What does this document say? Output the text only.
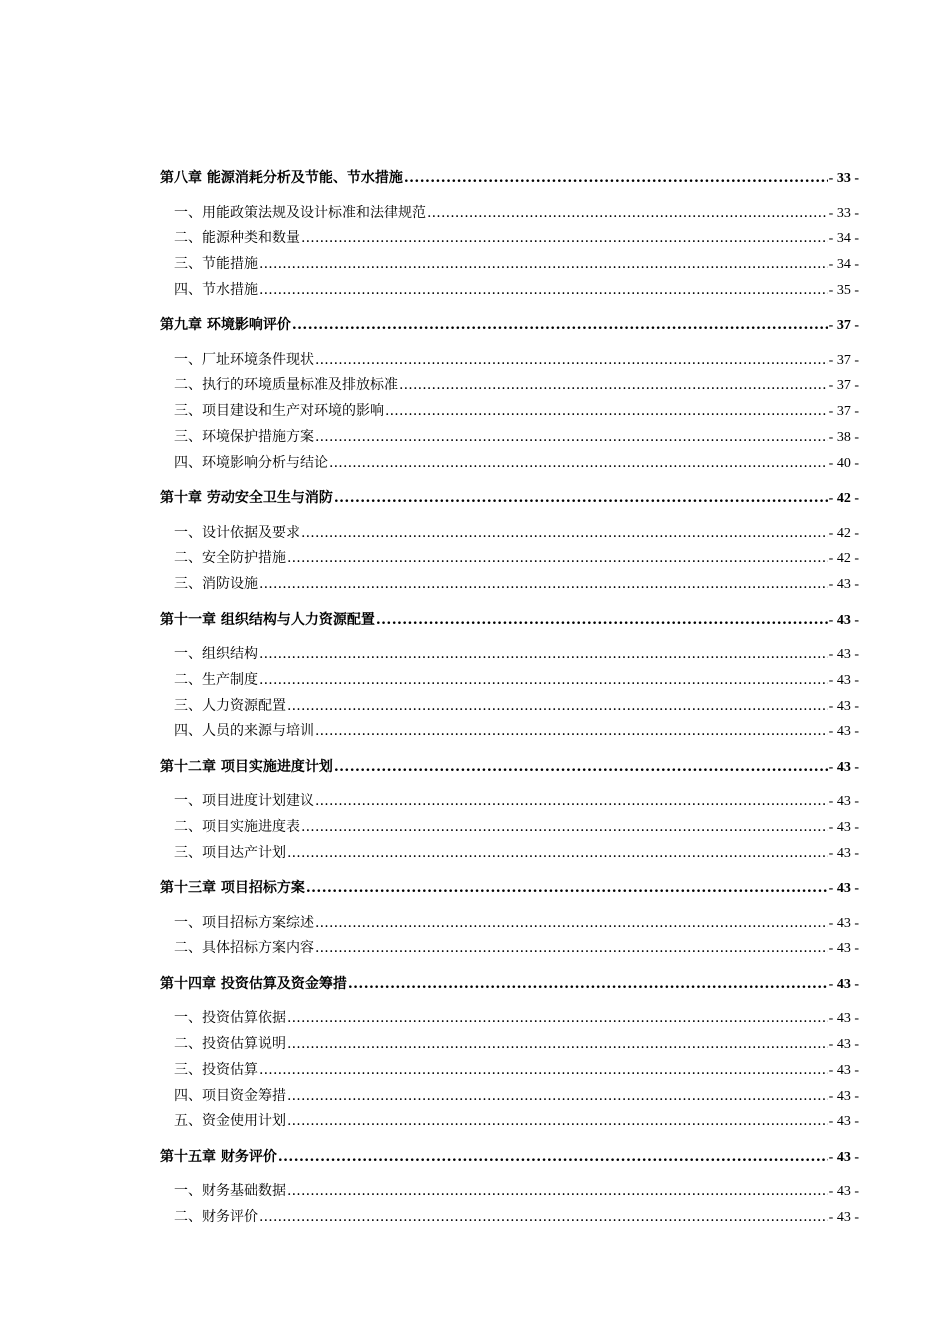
第八章 能源消耗分析及节能、节水措施 .....	- 33 -
一、用能政策法规及设计标准和法律规范 .....	- 33 -
二、能源种类和数量 .....	- 34 -
三、节能措施 .....	- 34 -
四、节水措施 .....	- 35 -
第九章 环境影响评价 .....	- 37 -
一、厂址环境条件现状 .....	- 37 -
二、执行的环境质量标准及排放标准 .....	- 37 -
三、项目建设和生产对环境的影响 .....	- 37 -
三、环境保护措施方案 .....	- 38 -
四、环境影响分析与结论 .....	- 40 -
第十章 劳动安全卫生与消防 .....	- 42 -
一、设计依据及要求 .....	- 42 -
二、安全防护措施 .....	- 42 -
三、消防设施 .....	- 43 -
第十一章 组织结构与人力资源配置 .....	- 43 -
一、组织结构 .....	- 43 -
二、生产制度 .....	- 43 -
三、人力资源配置 .....	- 43 -
四、人员的来源与培训 .....	- 43 -
第十二章 项目实施进度计划 .....	- 43 -
一、项目进度计划建议 .....	- 43 -
二、项目实施进度表 .....	- 43 -
三、项目达产计划 .....	- 43 -
第十三章 项目招标方案 .....	- 43 -
一、项目招标方案综述 .....	- 43 -
二、具体招标方案内容 .....	- 43 -
第十四章 投资估算及资金筹措 .....	- 43 -
一、投资估算依据 .....	- 43 -
二、投资估算说明 .....	- 43 -
三、投资估算 .....	- 43 -
四、项目资金筹措 .....	- 43 -
五、资金使用计划 .....	- 43 -
第十五章 财务评价 .....	- 43 -
一、财务基础数据 .....	- 43 -
二、财务评价 .....	- 43 -
